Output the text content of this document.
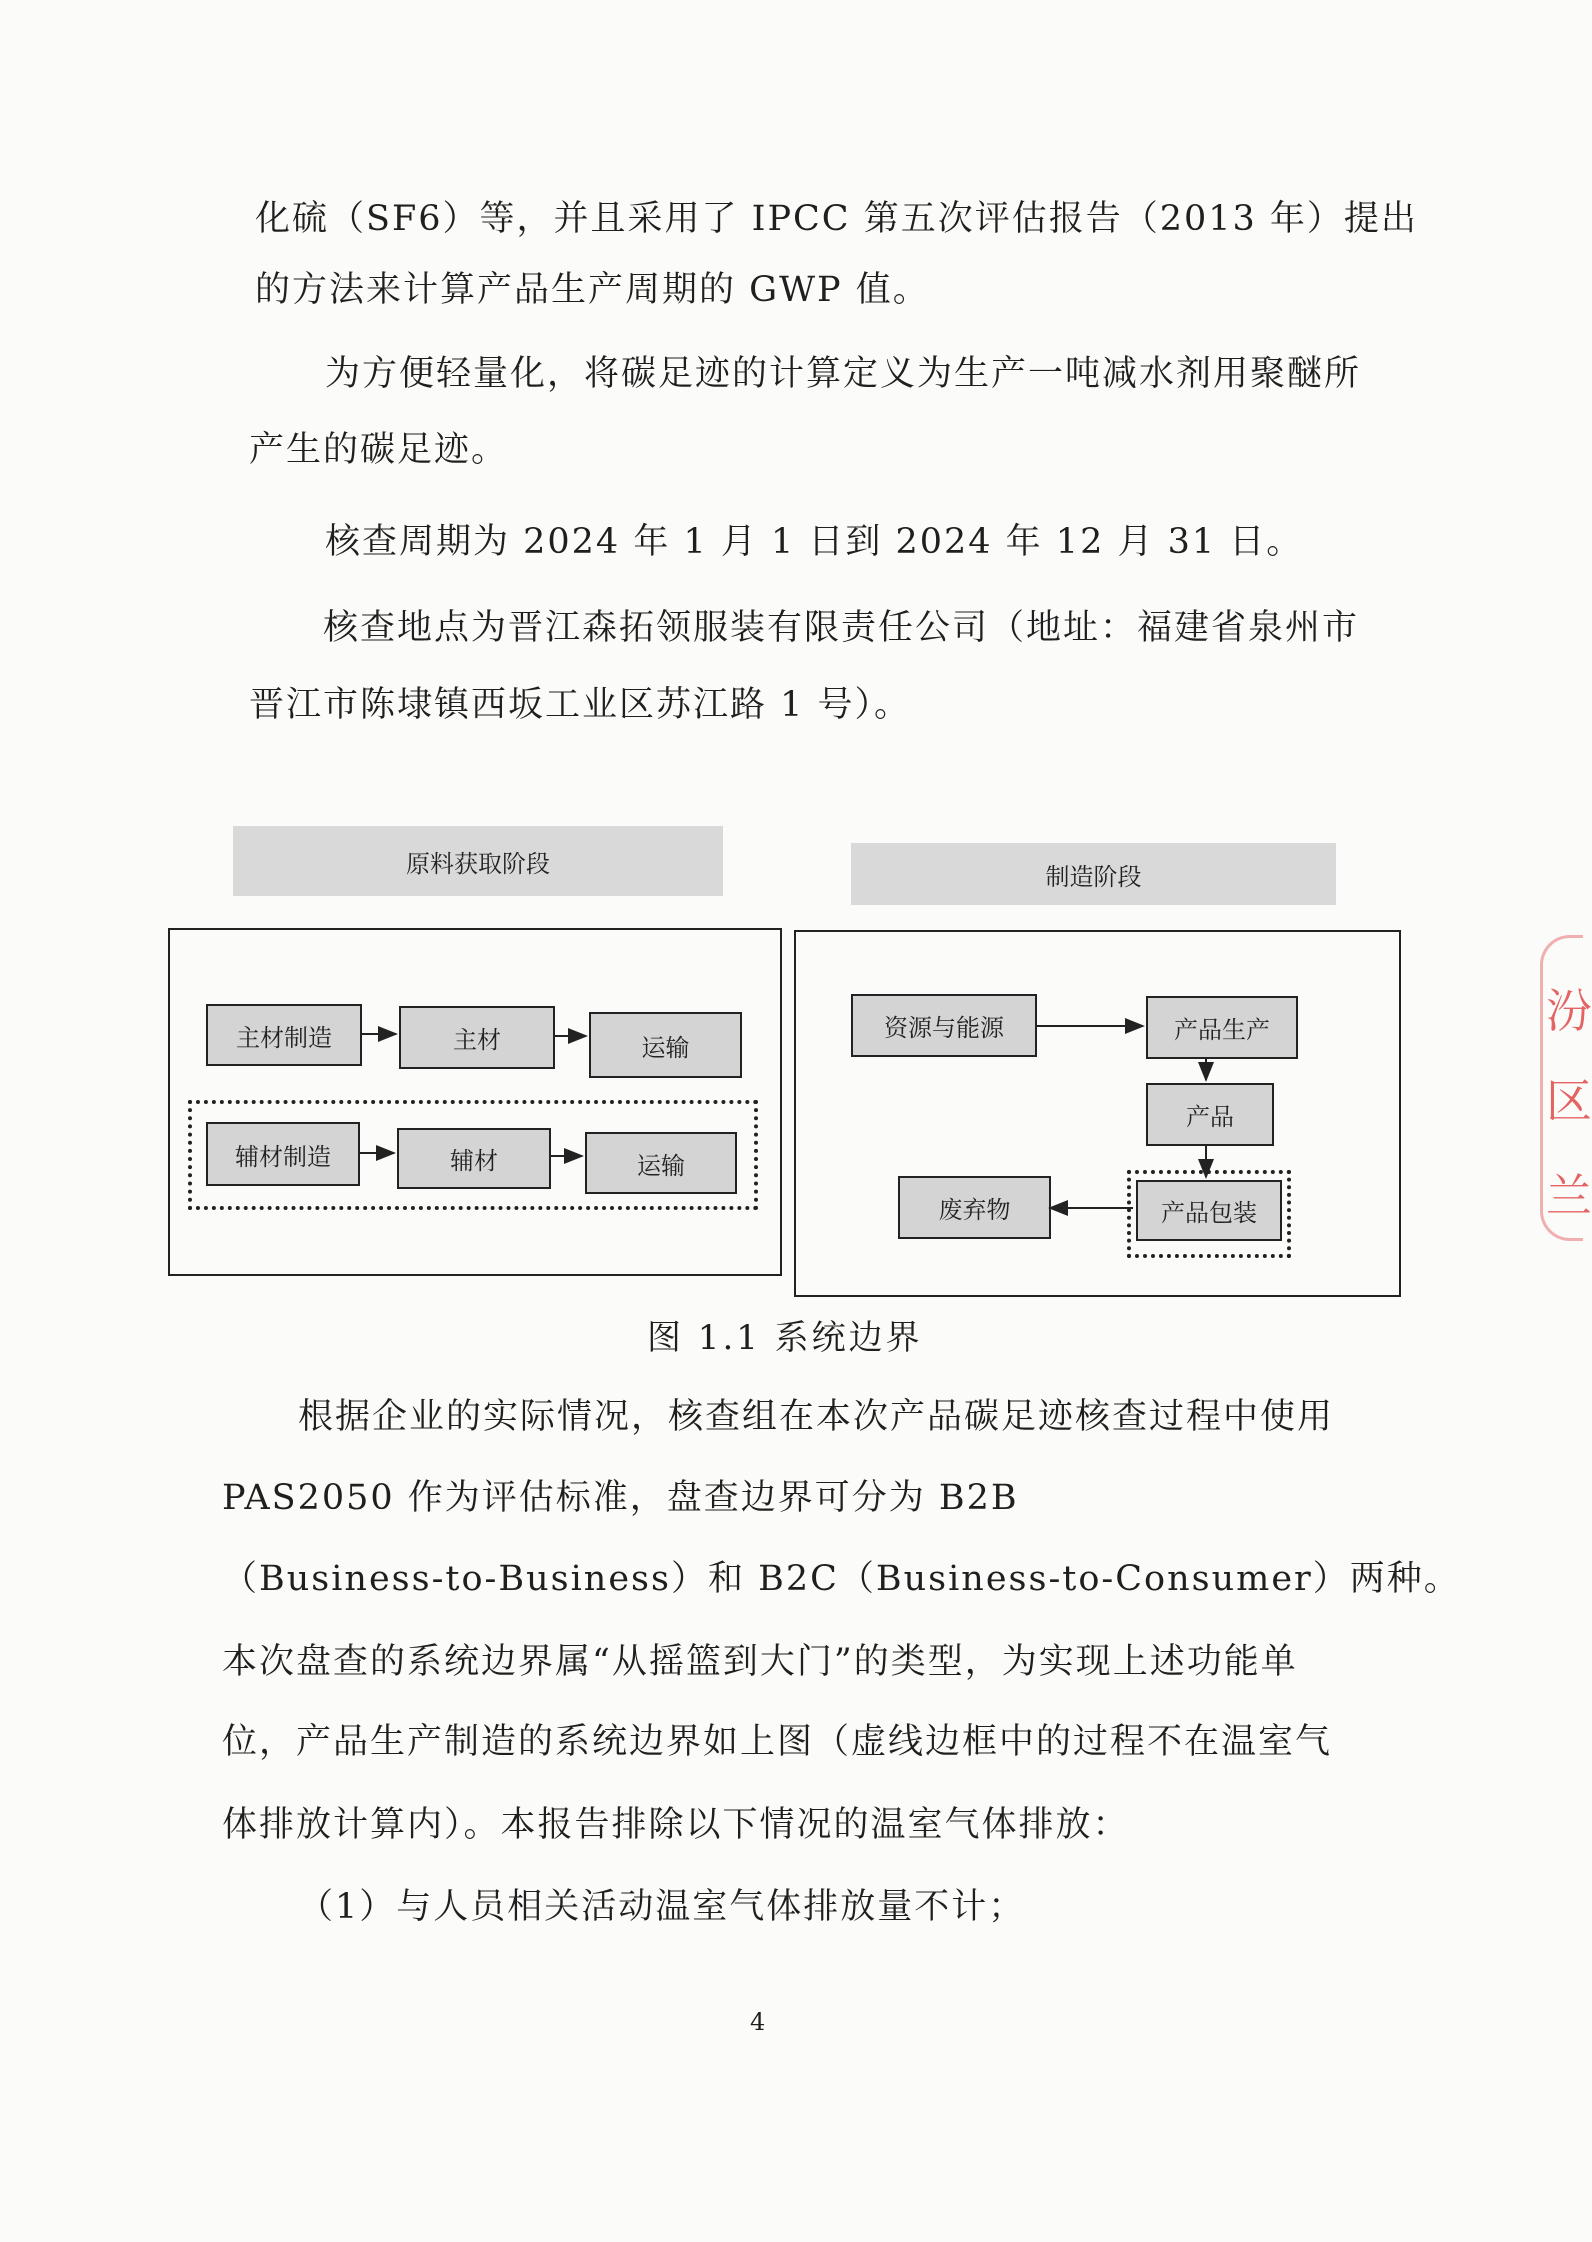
化硫（SF6）等，并且采用了 IPCC 第五次评估报告（2013 年）提出
的方法来计算产品生产周期的 GWP 值。
为方便轻量化，将碳足迹的计算定义为生产一吨减水剂用聚醚所
产生的碳足迹。
核查周期为 2024 年 1 月 1 日到 2024 年 12 月 31 日。
核查地点为晋江森拓领服装有限责任公司（地址：福建省泉州市
晋江市陈埭镇西坂工业区苏江路 1 号）。
原料获取阶段	制造阶段
主材制造	主材	运输
辅材制造	辅材	运输
资源与能源	产品生产
产品
废弃物	产品包装
图 1.1 系统边界
根据企业的实际情况，核查组在本次产品碳足迹核查过程中使用
PAS2050 作为评估标准，盘查边界可分为 B2B
（Business-to-Business）和 B2C（Business-to-Consumer）两种。
本次盘查的系统边界属“从摇篮到大门”的类型，为实现上述功能单
位，产品生产制造的系统边界如上图（虚线边框中的过程不在温室气
体排放计算内）。本报告排除以下情况的温室气体排放：
（1）与人员相关活动温室气体排放量不计；
4
汾
区
兰
